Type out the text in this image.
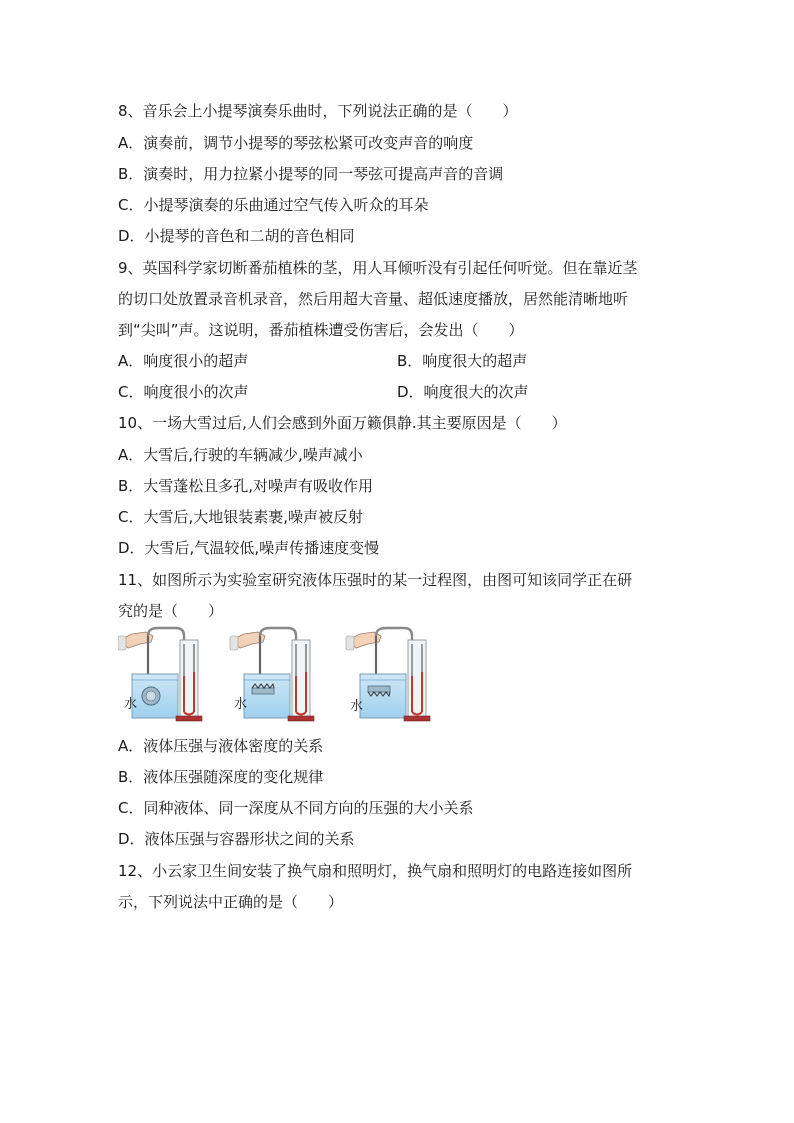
8、音乐会上小提琴演奏乐曲时，下列说法正确的是（　　）
A．演奏前，调节小提琴的琴弦松紧可改变声音的响度
B．演奏时，用力拉紧小提琴的同一琴弦可提高声音的音调
C．小提琴演奏的乐曲通过空气传入听众的耳朵
D．小提琴的音色和二胡的音色相同
9、英国科学家切断番茄植株的茎，用人耳倾听没有引起任何听觉。但在靠近茎
的切口处放置录音机录音，然后用超大音量、超低速度播放，居然能清晰地听
到“尖叫”声。这说明，番茄植株遭受伤害后，会发出（　　）
A．响度很小的超声	B．响度很大的超声
C．响度很小的次声	D．响度很大的次声
10、一场大雪过后,人们会感到外面万籁俱静.其主要原因是（　　）
A．大雪后,行驶的车辆减少,噪声减小
B．大雪蓬松且多孔,对噪声有吸收作用
C．大雪后,大地银装素裹,噪声被反射
D．大雪后,气温较低,噪声传播速度变慢
11、如图所示为实验室研究液体压强时的某一过程图，由图可知该同学正在研
究的是（　　）
水	水	水
A．液体压强与液体密度的关系
B．液体压强随深度的变化规律
C．同种液体、同一深度从不同方向的压强的大小关系
D．液体压强与容器形状之间的关系
12、小云家卫生间安装了换气扇和照明灯，换气扇和照明灯的电路连接如图所
示，下列说法中正确的是（　　）
